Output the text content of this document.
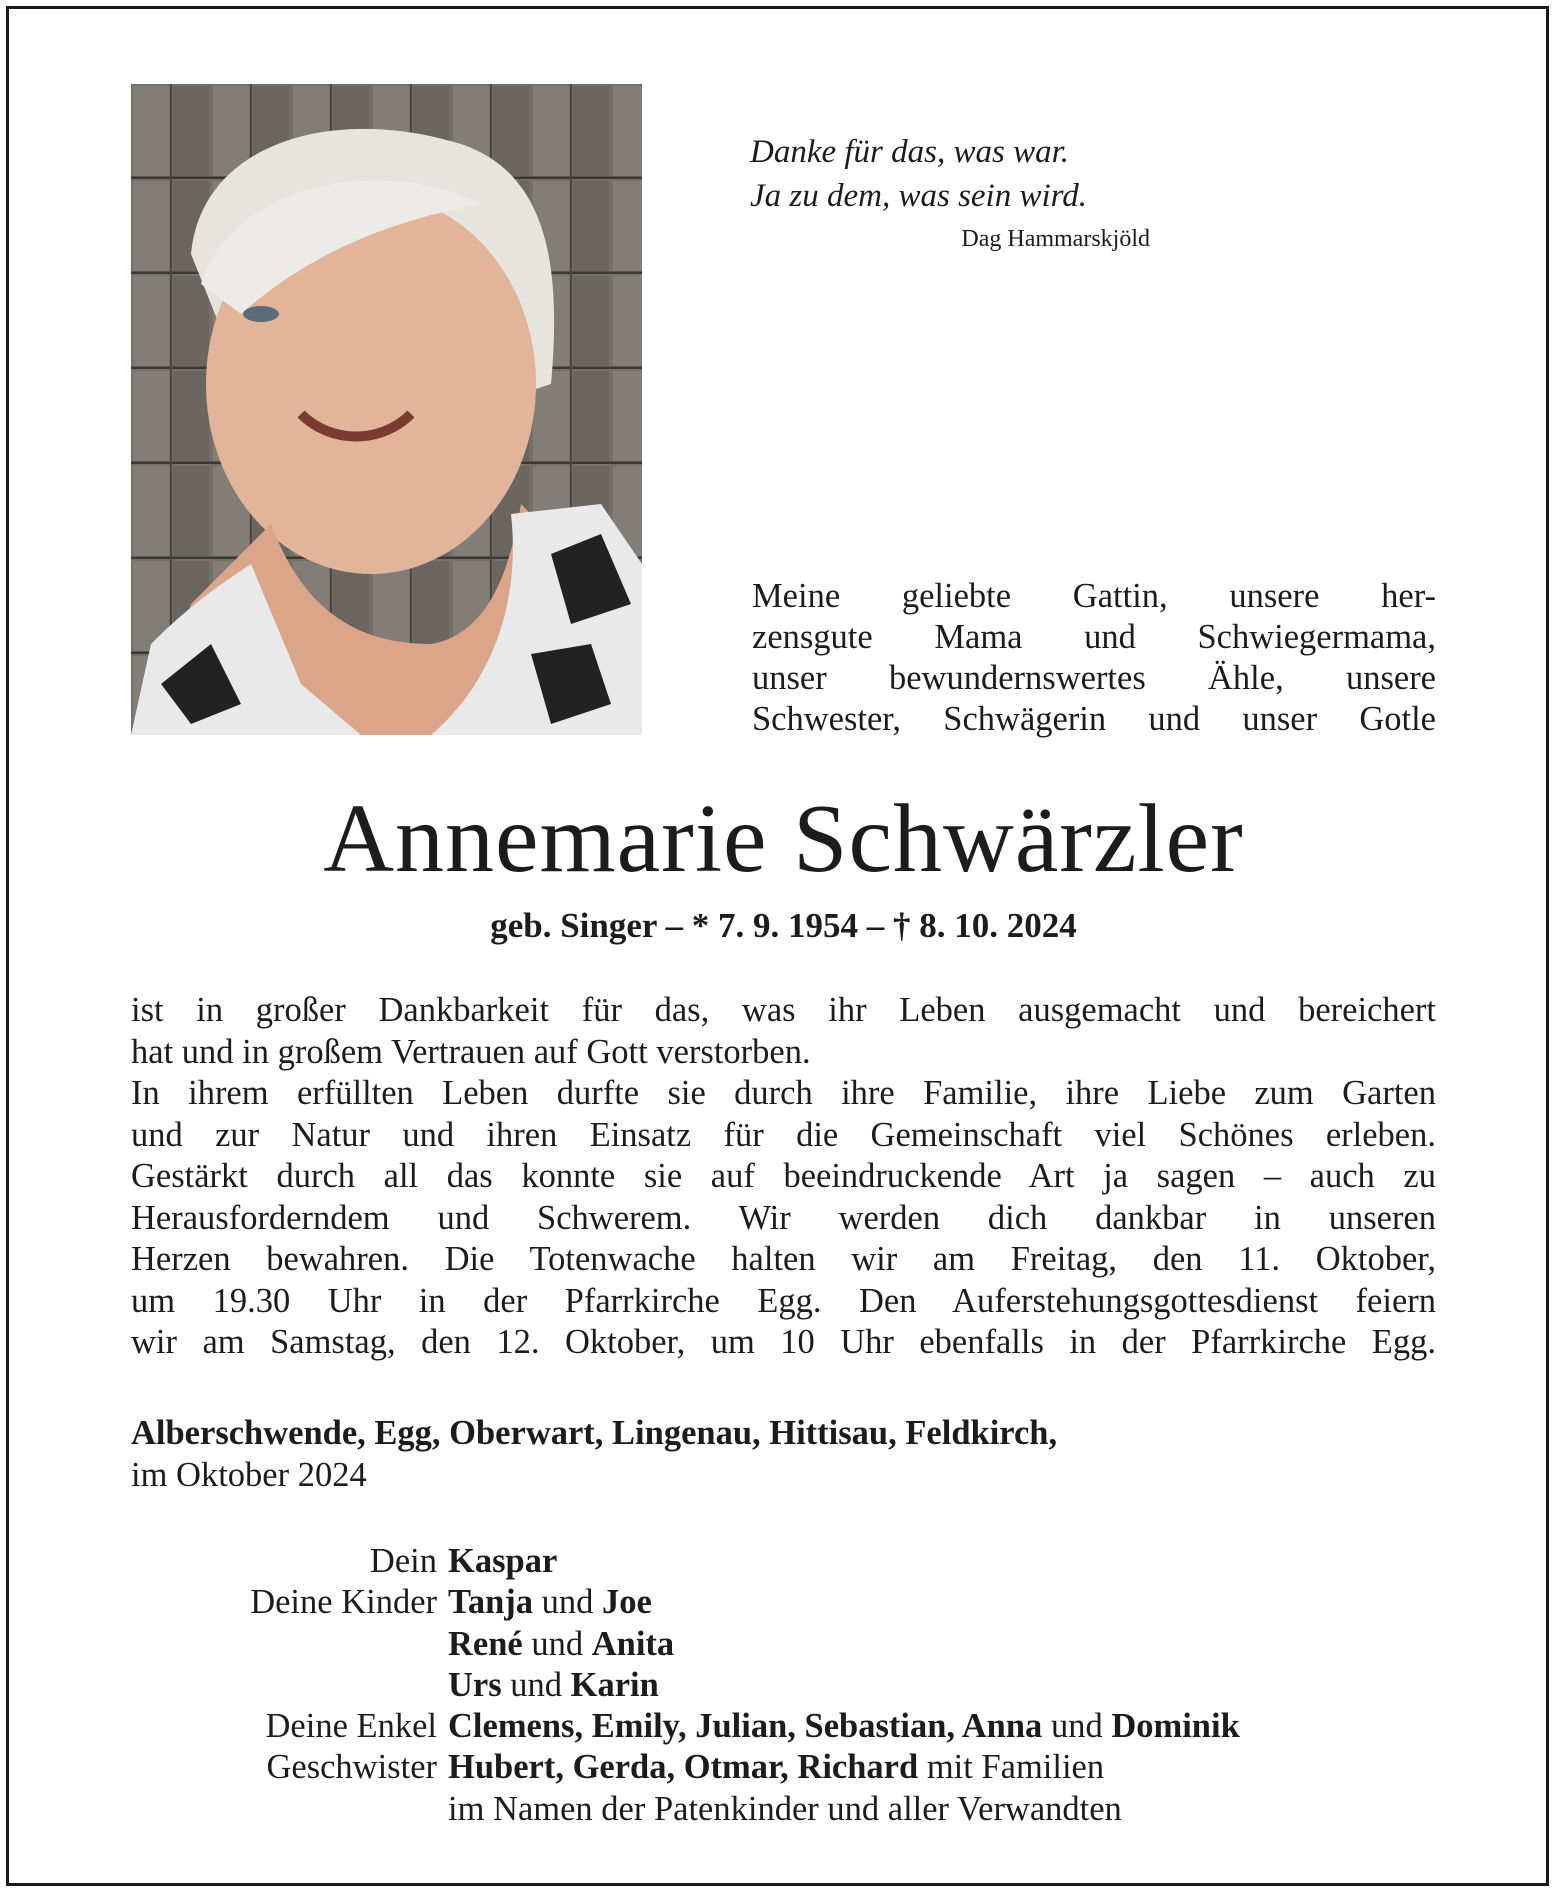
Danke für das, was war.
Ja zu dem, was sein wird.
Dag Hammarskjöld
Meine geliebte Gattin, unsere her-
zensgute Mama und Schwiegermama,
unser bewundernswertes Ähle, unsere
Schwester, Schwägerin und unser Gotle
Annemarie Schwärzler
geb. Singer – * 7. 9. 1954 – † 8. 10. 2024
ist in großer Dankbarkeit für das, was ihr Leben ausgemacht und bereichert
hat und in großem Vertrauen auf Gott verstorben.
In ihrem erfüllten Leben durfte sie durch ihre Familie, ihre Liebe zum Garten
und zur Natur und ihren Einsatz für die Gemeinschaft viel Schönes erleben.
Gestärkt durch all das konnte sie auf beeindruckende Art ja sagen – auch zu
Herausforderndem und Schwerem. Wir werden dich dankbar in unseren
Herzen bewahren. Die Totenwache halten wir am Freitag, den 11. Oktober,
um 19.30 Uhr in der Pfarrkirche Egg. Den Auferstehungsgottesdienst feiern
wir am Samstag, den 12. Oktober, um 10 Uhr ebenfalls in der Pfarrkirche Egg.
Alberschwende, Egg, Oberwart, Lingenau, Hittisau, Feldkirch,
im Oktober 2024
Dein Kaspar
Deine Kinder Tanja und Joe
René und Anita
Urs und Karin
Deine Enkel Clemens, Emily, Julian, Sebastian, Anna und Dominik
Geschwister Hubert, Gerda, Otmar, Richard mit Familien
im Namen der Patenkinder und aller Verwandten
